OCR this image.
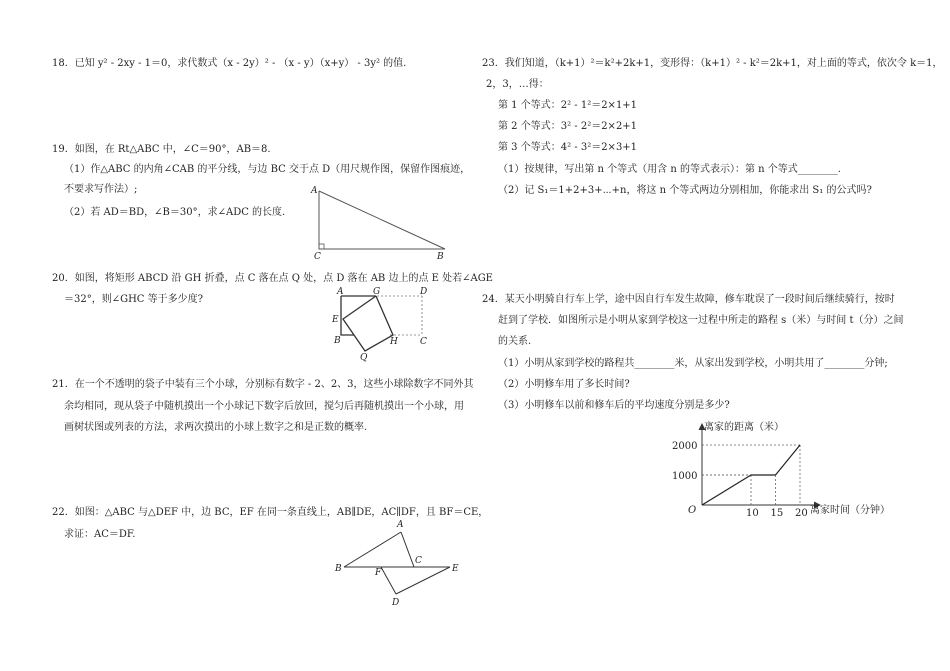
18．已知 y² - 2xy - 1＝0，求代数式（x - 2y）² - （x - y）（x+y） - 3y² 的值.
19．如图，在 Rt△ABC 中，∠C＝90°，AB＝8.
（1）作△ABC 的内角∠CAB 的平分线，与边 BC 交于点 D（用尺规作图，保留作图痕迹，
不要求写作法）;
（2）若 AD＝BD，∠B＝30°，求∠ADC 的长度.
A
C	B
20．如图，将矩形 ABCD 沿 GH 折叠，点 C 落在点 Q 处，点 D 落在 AB 边上的点 E 处若∠AGE
＝32°，则∠GHC 等于多少度?
A	G	D
E
B	H C
Q
21．在一个不透明的袋子中装有三个小球，分别标有数字 - 2、2、3，这些小球除数字不同外其
余均相同，现从袋子中随机摸出一个小球记下数字后放回，搅匀后再随机摸出一个小球，用
画树状图或列表的方法，求两次摸出的小球上数字之和是正数的概率.
22．如图：△ABC 与△DEF 中，边 BC，EF 在同一条直线上，AB∥DE，AC∥DF，且 BF＝CE，
求证：AC＝DF.
A
B	F
C
E
D
23．我们知道，（k+1）²＝k²+2k+1，变形得：（k+1）² - k²＝2k+1，对上面的等式，依次令 k＝1，
2，3，…得：
第 1 个等式：2² - 1²＝2×1+1
第 2 个等式：3² - 2²＝2×2+1
第 3 个等式：4² - 3²＝2×3+1
（1）按规律，写出第 n 个等式（用含 n 的等式表示）：第 n 个等式________.
（2）记 S₁＝1+2+3+⋯+n，将这 n 个等式两边分别相加，你能求出 S₁ 的公式吗?
24．某天小明骑自行车上学，途中因自行车发生故障，修车耽误了一段时间后继续骑行，按时
赶到了学校．如图所示是小明从家到学校这一过程中所走的路程 s（米）与时间 t（分）之间
的关系.
（1）小明从家到学校的路程共________米，从家出发到学校，小明共用了________分钟;
（2）小明修车用了多长时间?
（3）小明修车以前和修车后的平均速度分别是多少?
离家的距离（米）
离家时间（分钟）
O	10 15 20
1000
2000
